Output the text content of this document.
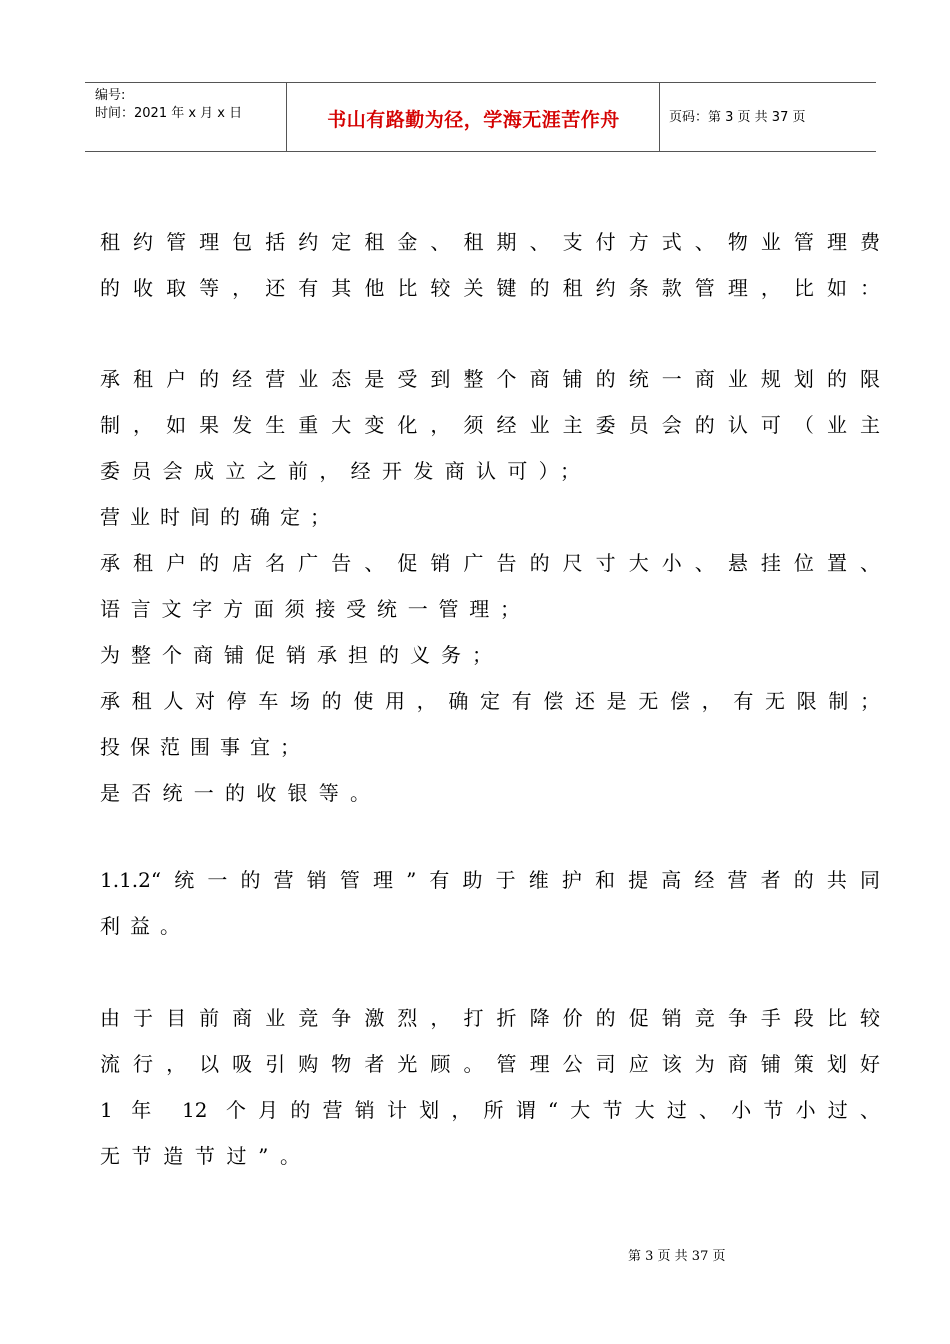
编号:
时间：2021 年 x 月 x 日	书山有路勤为径，学海无涯苦作舟	页码：第 3 页 共 37 页
租约管理包括约定租金、租期、支付方式、物业管理费
的收取等，还有其他比较关键的租约条款管理，比如：
承租户的经营业态是受到整个商铺的统一商业规划的限
制，如果发生重大变化，须经业主委员会的认可（业主
委员会成立之前，经开发商认可）；
营业时间的确定；
承租户的店名广告、促销广告的尺寸大小、悬挂位置、
语言文字方面须接受统一管理；
为整个商铺促销承担的义务；
承租人对停车场的使用，确定有偿还是无偿，有无限制；
投保范围事宜；
是否统一的收银等。
1.1.2“统一的营销管理”有助于维护和提高经营者的共同
利益。
由于目前商业竞争激烈，打折降价的促销竞争手段比较
流行，以吸引购物者光顾。管理公司应该为商铺策划好
1 年 12 个月的营销计划，所谓“大节大过、小节小过、
无节造节过”。
第 3 页 共 37 页
